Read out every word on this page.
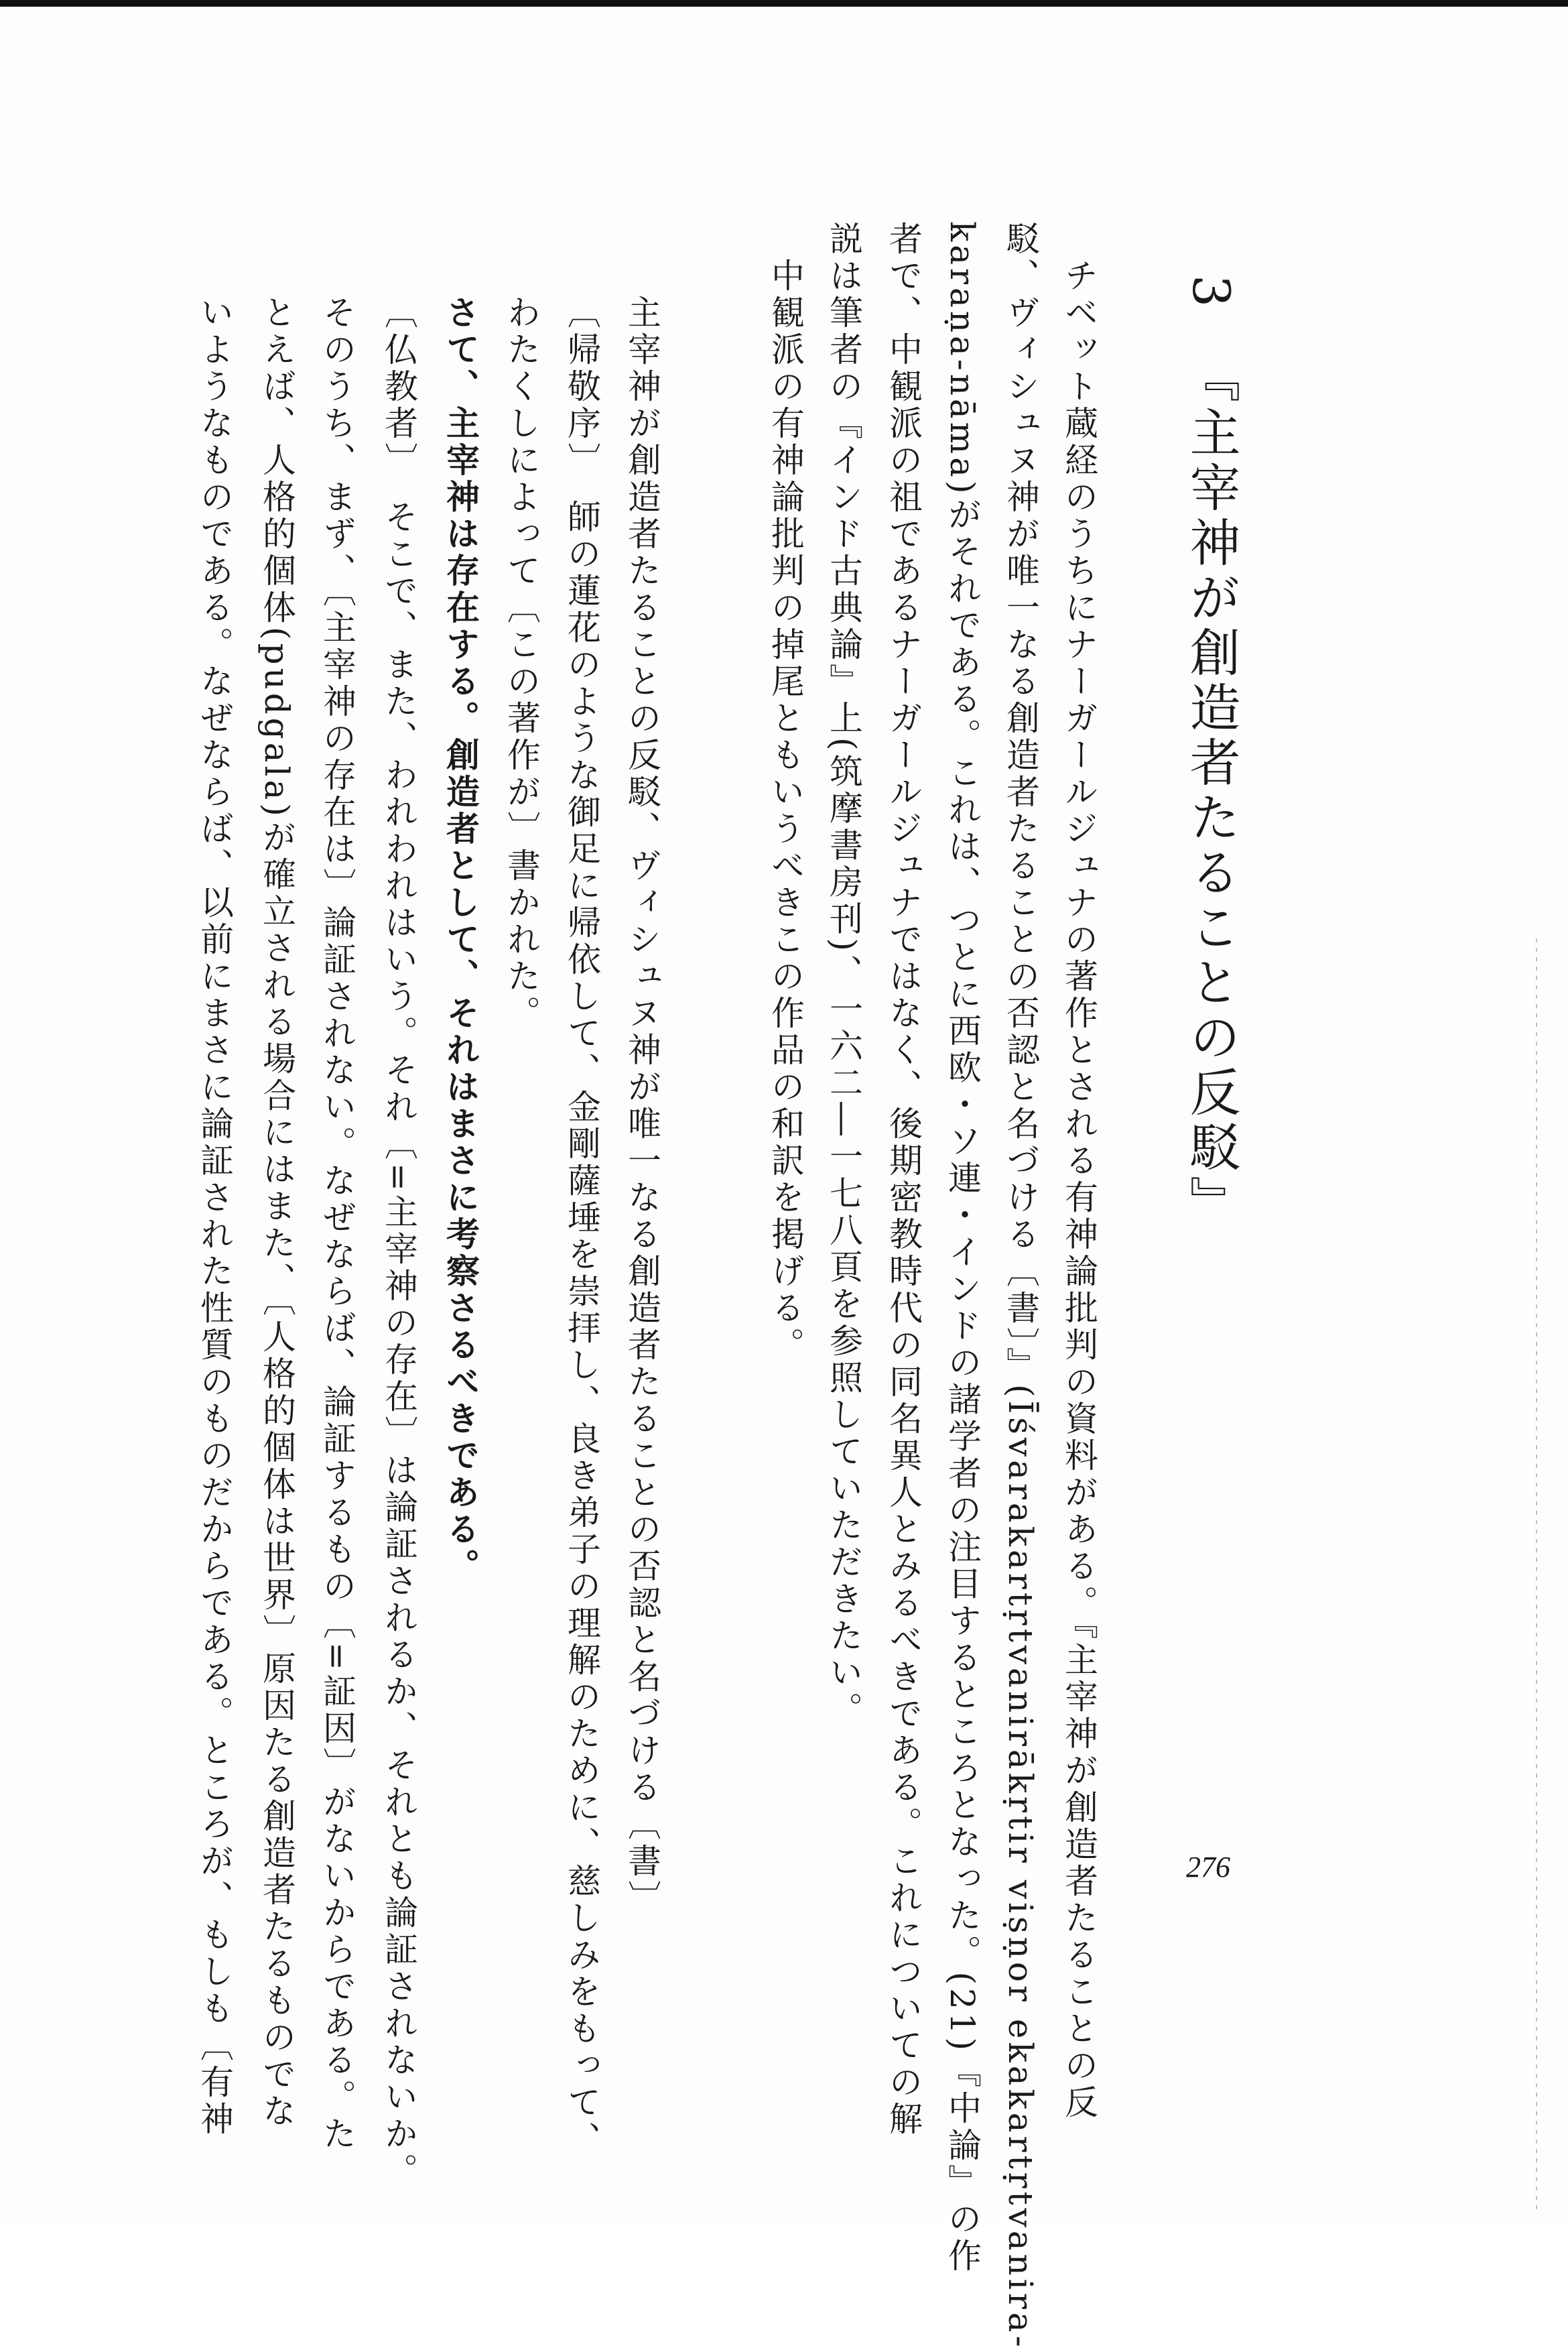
3『主宰神が創造者たることの反駁』
チベット蔵経のうちにナーガールジュナの著作とされる有神論批判の資料がある。『主宰神が創造者たることの反
駁、ヴィシュヌ神が唯一なる創造者たることの否認と名づける〔書〕』(Īśvarakartṛtvanirākṛtir viṣṇor ekakartṛtvanira-
karaṇa-nāma)がそれである。これは、つとに西欧・ソ連・インドの諸学者の注目するところとなった。(21)『中論』の作
者で、中観派の祖であるナーガールジュナではなく、後期密教時代の同名異人とみるべきである。これについての解
説は筆者の『インド古典論』上(筑摩書房刊)、一六二―一七八頁を参照していただきたい。
中観派の有神論批判の掉尾ともいうべきこの作品の和訳を掲げる。
主宰神が創造者たることの反駁、ヴィシュヌ神が唯一なる創造者たることの否認と名づける〔書〕
〔帰敬序〕　師の蓮花のような御足に帰依して、金剛薩埵を崇拝し、良き弟子の理解のために、慈しみをもって、
わたくしによって〔この著作が〕書かれた。
さて、主宰神は存在する。創造者として、それはまさに考察さるべきである。
〔仏教者〕　そこで、また、われわれはいう。それ〔=主宰神の存在〕は論証されるか、それとも論証されないか。
そのうち、まず、〔主宰神の存在は〕論証されない。なぜならば、論証するもの〔=証因〕がないからである。た
とえば、人格的個体(pudgala)が確立される場合にはまた、〔人格的個体は世界〕原因たる創造者たるものでな
いようなものである。なぜならば、以前にまさに論証された性質のものだからである。ところが、もしも〔有神	276
